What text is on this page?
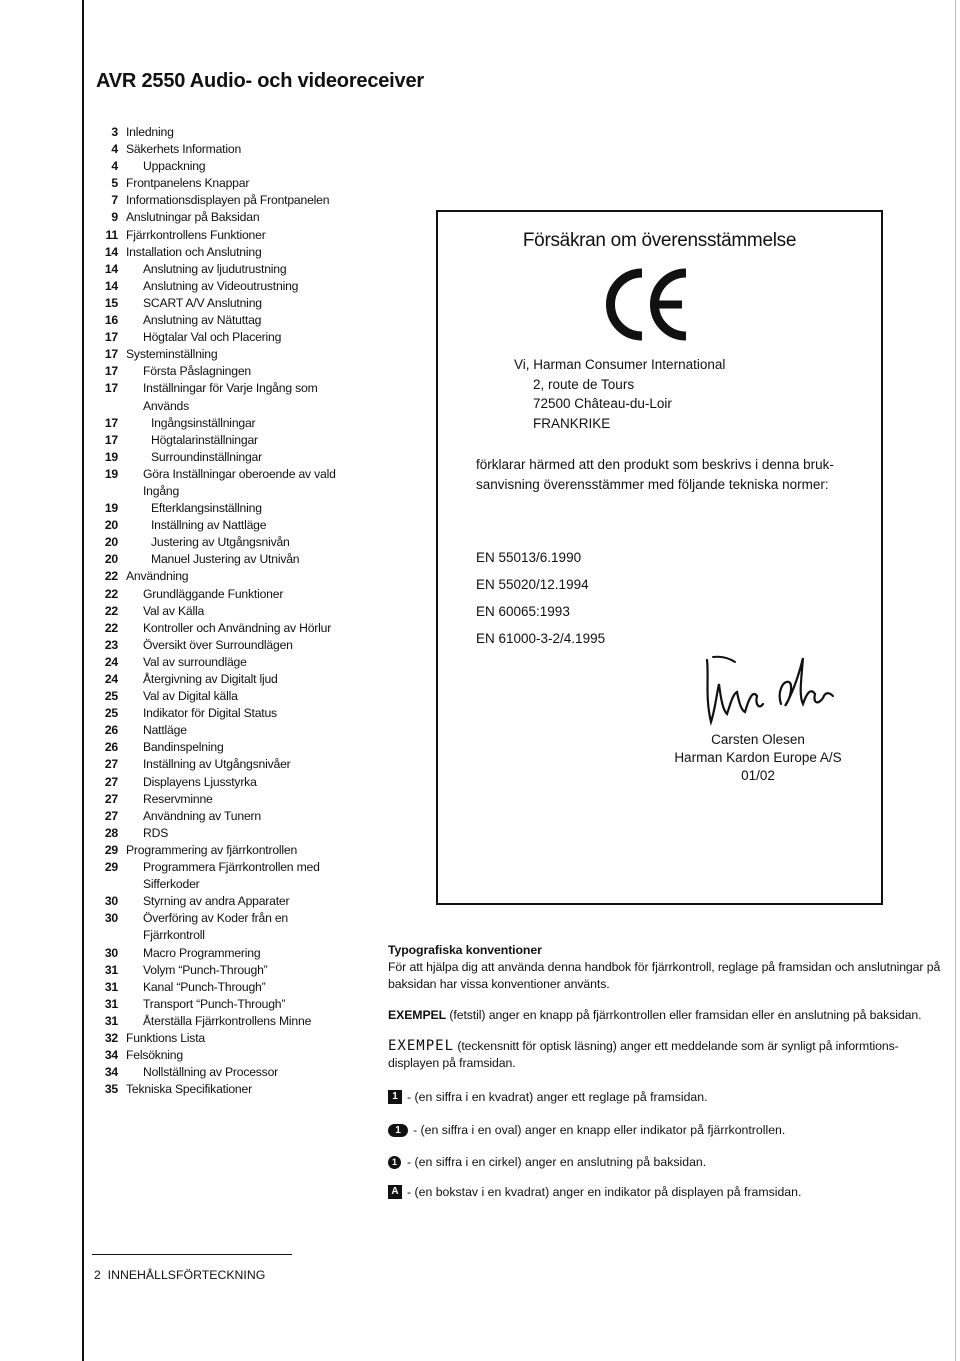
AVR 2550 Audio- och videoreceiver
3 Inledning
4 Säkerhets Information
4	Uppackning
5 Frontpanelens Knappar
7 Informationsdisplayen på Frontpanelen
9 Anslutningar på Baksidan
11 Fjärrkontrollens Funktioner
14 Installation och Anslutning
14	Anslutning av ljudutrustning
14	Anslutning av Videoutrustning
15	SCART A/V Anslutning
16	Anslutning av Nätuttag
17	Högtalar Val och Placering
17 Systeminställning
17	Första Påslagningen
17	Inställningar för Varje Ingång som
Används
17	Ingångsinställningar
17	Högtalarinställningar
19	Surroundinställningar
19	Göra Inställningar oberoende av vald
Ingång
19	Efterklangsinställning
20	Inställning av Nattläge
20	Justering av Utgångsnivån
20	Manuel Justering av Utnivån
22 Användning
22	Grundläggande Funktioner
22	Val av Källa
22	Kontroller och Användning av Hörlur
23	Översikt över Surroundlägen
24	Val av surroundläge
24	Återgivning av Digitalt ljud
25	Val av Digital källa
25	Indikator för Digital Status
26	Nattläge
26	Bandinspelning
27	Inställning av Utgångsnivåer
27	Displayens Ljusstyrka
27	Reservminne
27	Användning av Tunern
28	RDS
29 Programmering av fjärrkontrollen
29	Programmera Fjärrkontrollen med
Sifferkoder
30	Styrning av andra Apparater
30	Överföring av Koder från en
Fjärrkontroll
30	Macro Programmering
31	Volym “Punch-Through”
31	Kanal “Punch-Through”
31	Transport “Punch-Through”
31	Återställa Fjärrkontrollens Minne
32 Funktions Lista
34 Felsökning
34	Nollställning av Processor
35 Tekniska Specifikationer
Försäkran om överensstämmelse
Vi, Harman Consumer International
2, route de Tours
72500 Château-du-Loir
FRANKRIKE
förklarar härmed att den produkt som beskrivs i denna bruk-sanvisning överensstämmer med följande tekniska normer:
EN 55013/6.1990
EN 55020/12.1994
EN 60065:1993
EN 61000-3-2/4.1995
Carsten Olesen
Harman Kardon Europe A/S
01/02
Typografiska konventioner

För att hjälpa dig att använda denna handbok för fjärrkontroll, reglage på framsidan och anslutningar på baksidan har vissa konventioner använts.

EXEMPEL (fetstil) anger en knapp på fjärrkontrollen eller framsidan eller en anslutning på baksidan.

EXEMPEL (teckensnitt för optisk läsning) anger ett meddelande som är synligt på informtions-displayen på framsidan.

1 - (en siffra i en kvadrat) anger ett reglage på framsidan.
1 - (en siffra i en oval) anger en knapp eller indikator på fjärrkontrollen.
1 - (en siffra i en cirkel) anger en anslutning på baksidan.
A - (en bokstav i en kvadrat) anger en indikator på displayen på framsidan.
2  INNEHÅLLSFÖRTECKNING
